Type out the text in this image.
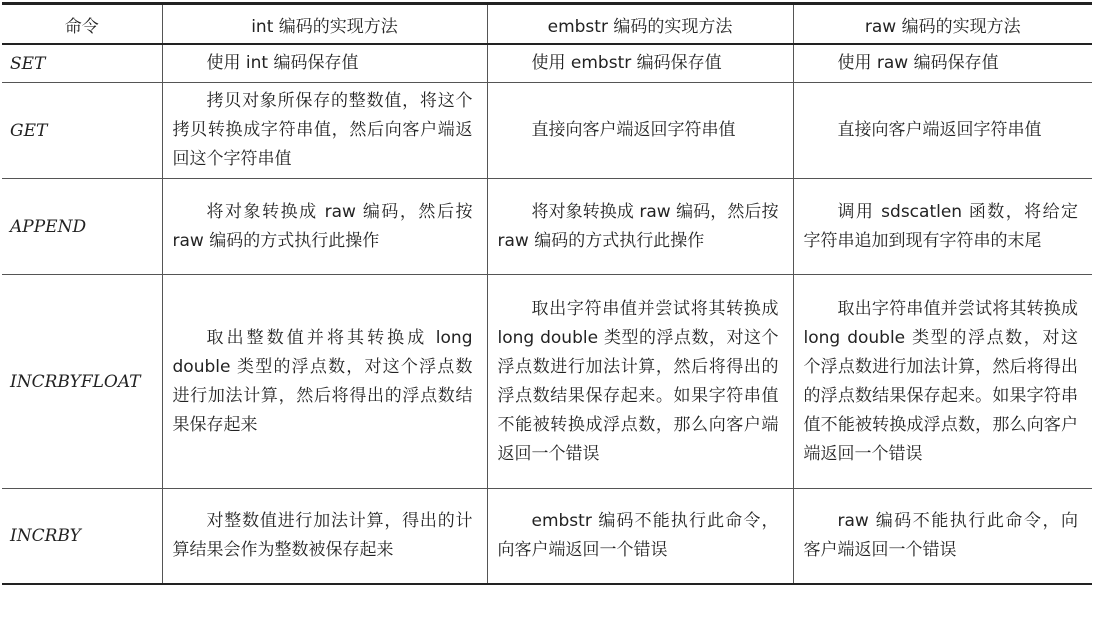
命令	int 编码的实现方法	embstr 编码的实现方法	raw 编码的实现方法
SET	使用 int 编码保存值	使用 embstr 编码保存值	使用 raw 编码保存值
GET	拷贝对象所保存的整数值，将这个拷贝转换成字符串值，然后向客户端返回这个字符串值	直接向客户端返回字符串值	直接向客户端返回字符串值
APPEND	将对象转换成 raw 编码，然后按 raw 编码的方式执行此操作	将对象转换成 raw 编码，然后按 raw 编码的方式执行此操作	调用 sdscatlen 函数，将给定字符串追加到现有字符串的末尾
INCRBYFLOAT	取出整数值并将其转换成 long double 类型的浮点数，对这个浮点数进行加法计算，然后将得出的浮点数结果保存起来	取出字符串值并尝试将其转换成 long double 类型的浮点数，对这个浮点数进行加法计算，然后将得出的浮点数结果保存起来。如果字符串值不能被转换成浮点数，那么向客户端返回一个错误	取出字符串值并尝试将其转换成 long double 类型的浮点数，对这个浮点数进行加法计算，然后将得出的浮点数结果保存起来。如果字符串值不能被转换成浮点数，那么向客户端返回一个错误
INCRBY	对整数值进行加法计算，得出的计算结果会作为整数被保存起来	embstr 编码不能执行此命令，向客户端返回一个错误	raw 编码不能执行此命令，向客户端返回一个错误
